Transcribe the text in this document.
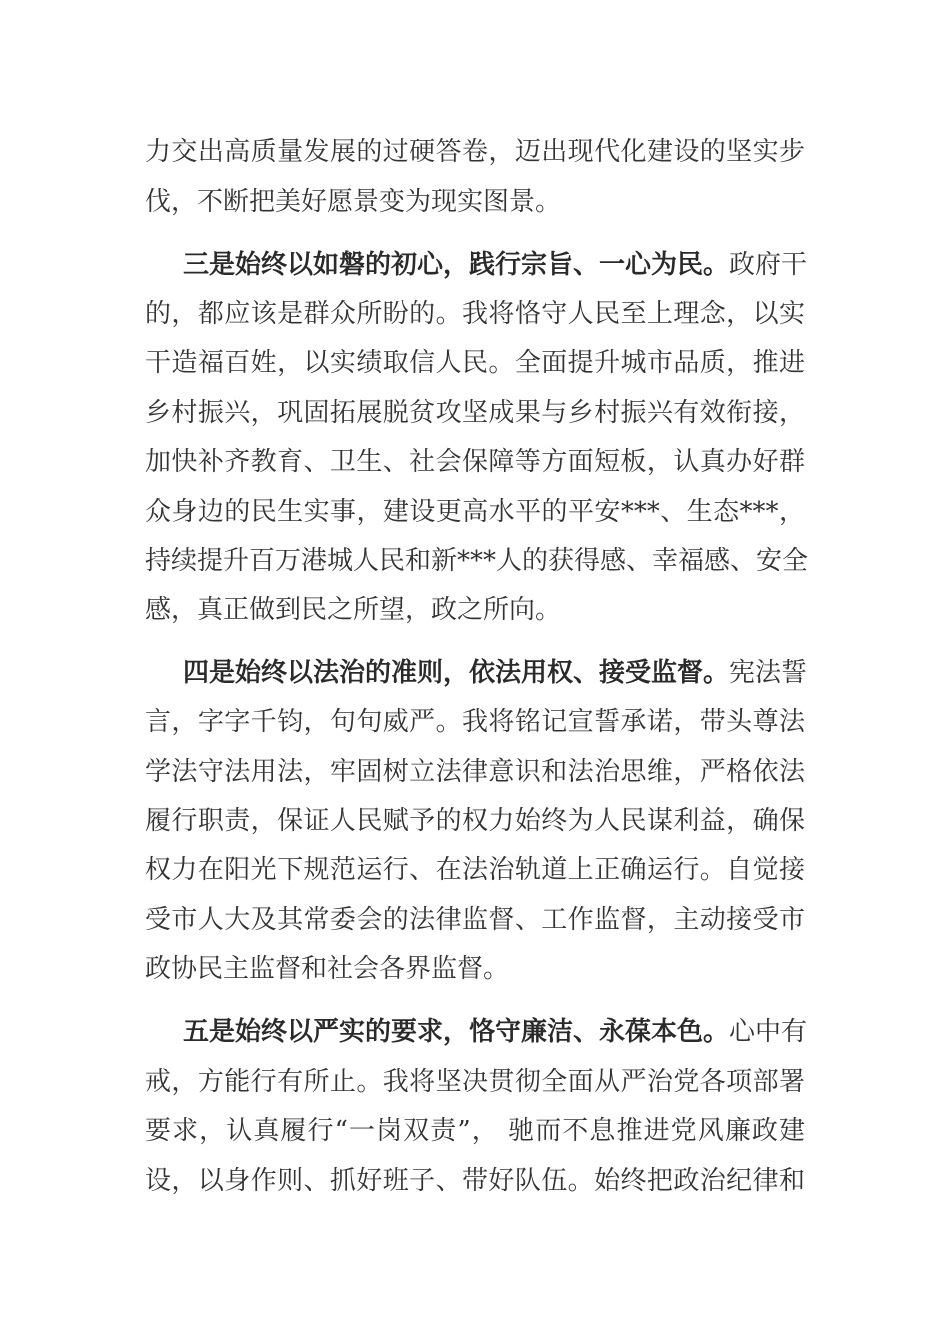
力交出高质量发展的过硬答卷，迈出现代化建设的坚实步
伐，不断把美好愿景变为现实图景。
三是始终以如磐的初心，践行宗旨、一心为民。政府干
的，都应该是群众所盼的。我将恪守人民至上理念，以实
干造福百姓，以实绩取信人民。全面提升城市品质，推进
乡村振兴，巩固拓展脱贫攻坚成果与乡村振兴有效衔接，
加快补齐教育、卫生、社会保障等方面短板，认真办好群
众身边的民生实事，建设更高水平的平安***、生态***，
持续提升百万港城人民和新***人的获得感、幸福感、安全
感，真正做到民之所望，政之所向。
四是始终以法治的准则，依法用权、接受监督。宪法誓
言，字字千钧，句句威严。我将铭记宣誓承诺，带头尊法
学法守法用法，牢固树立法律意识和法治思维，严格依法
履行职责，保证人民赋予的权力始终为人民谋利益，确保
权力在阳光下规范运行、在法治轨道上正确运行。自觉接
受市人大及其常委会的法律监督、工作监督，主动接受市
政协民主监督和社会各界监督。
五是始终以严实的要求，恪守廉洁、永葆本色。心中有
戒，方能行有所止。我将坚决贯彻全面从严治党各项部署
要求，认真履行“一岗双责”， 驰而不息推进党风廉政建
设，以身作则、抓好班子、带好队伍。始终把政治纪律和
